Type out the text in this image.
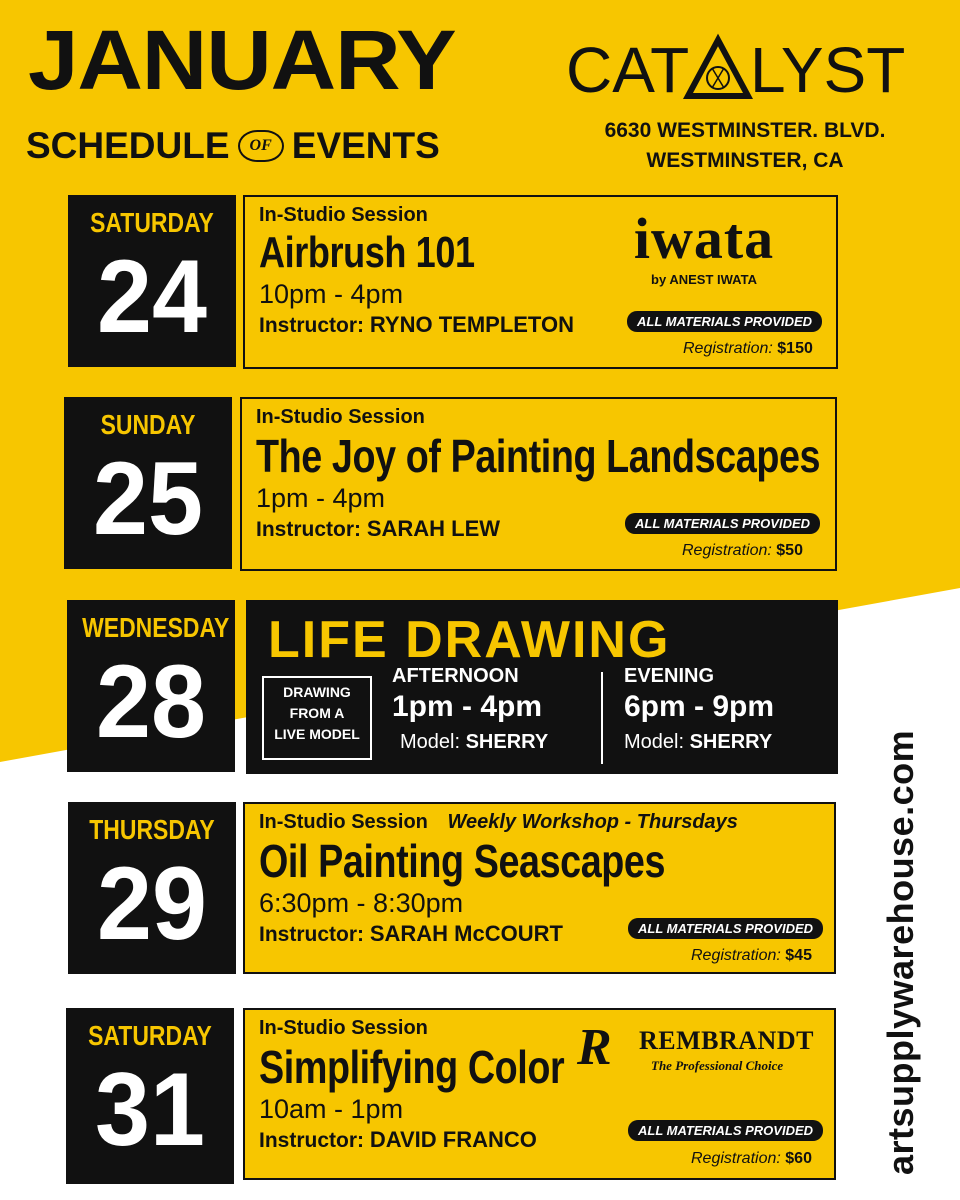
JANUARY
SCHEDULE	OF EVENTS
CAT LYST
6630 WESTMINSTER. BLVD.
WESTMINSTER, CA
SATURDAY
24
In-Studio Session
Airbrush 101
10pm - 4pm
Instructor: RYNO TEMPLETON	ALL MATERIALS PROVIDED
Registration: $150
iwata
by ANEST IWATA
SUNDAY
25
In-Studio Session
The Joy of Painting Landscapes
1pm - 4pm
Instructor: SARAH LEW	ALL MATERIALS PROVIDED
Registration: $50
WEDNESDAY
28
LIFE DRAWING
DRAWING
FROM A
LIVE MODEL
AFTERNOON
1pm - 4pm
Model: SHERRY
EVENING
6pm - 9pm
Model: SHERRY
THURSDAY
29
In-Studio Session Weekly Workshop - Thursdays
Oil Painting Seascapes
6:30pm - 8:30pm
Instructor: SARAH McCOURT	ALL MATERIALS PROVIDED
Registration: $45
SATURDAY
31
In-Studio Session
Simplifying Color
10am - 1pm
Instructor: DAVID FRANCO	ALL MATERIALS PROVIDED
Registration: $60
R REMBRANDT
The Professional Choice	artsupplywarehouse.com
